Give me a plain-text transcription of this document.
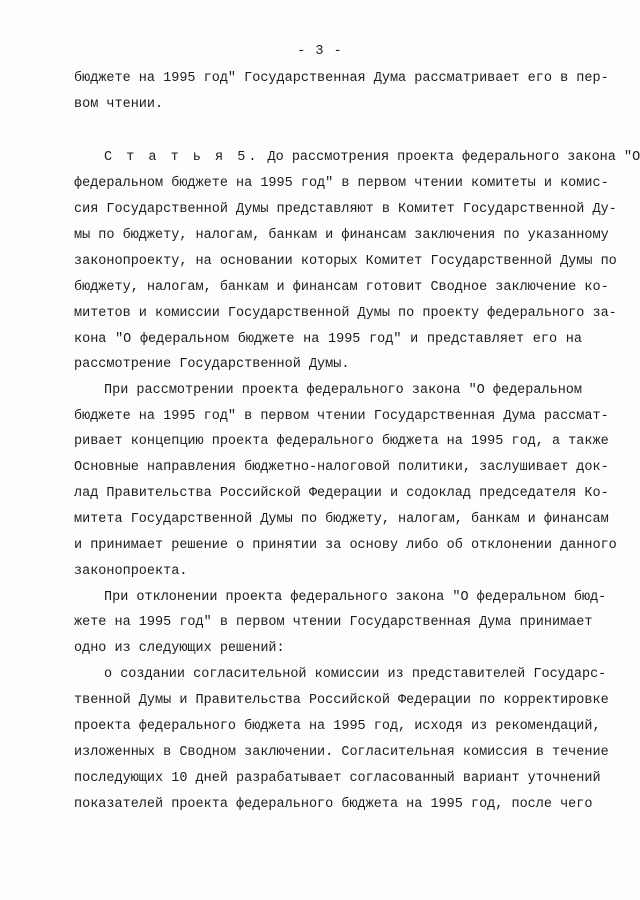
- 3 -
бюджете на 1995 год" Государственная Дума рассматривает его в пер-
вом чтении.
С т а т ь я 5. До рассмотрения проекта федерального закона "О
федеральном бюджете на 1995 год" в первом чтении комитеты и комис-
сия Государственной Думы представляют в Комитет Государственной Ду-
мы по бюджету, налогам, банкам и финансам заключения по указанному
законопроекту, на основании которых Комитет Государственной Думы по
бюджету, налогам, банкам и финансам готовит Сводное заключение ко-
митетов и комиссии Государственной Думы по проекту федерального за-
кона "О федеральном бюджете на 1995 год" и представляет его на
рассмотрение Государственной Думы.
При рассмотрении проекта федерального закона "О федеральном
бюджете на 1995 год" в первом чтении Государственная Дума рассмат-
ривает концепцию проекта федерального бюджета на 1995 год, а также
Основные направления бюджетно-налоговой политики, заслушивает док-
лад Правительства Российской Федерации и содоклад председателя Ко-
митета Государственной Думы по бюджету, налогам, банкам и финансам
и принимает решение о принятии за основу либо об отклонении данного
законопроекта.
При отклонении проекта федерального закона "О федеральном бюд-
жете на 1995 год" в первом чтении Государственная Дума принимает
одно из следующих решений:
о создании согласительной комиссии из представителей Государс-
твенной Думы и Правительства Российской Федерации по корректировке
проекта федерального бюджета на 1995 год, исходя из рекомендаций,
изложенных в Сводном заключении. Согласительная комиссия в течение
последующих 10 дней разрабатывает согласованный вариант уточнений
показателей проекта федерального бюджета на 1995 год, после чего
